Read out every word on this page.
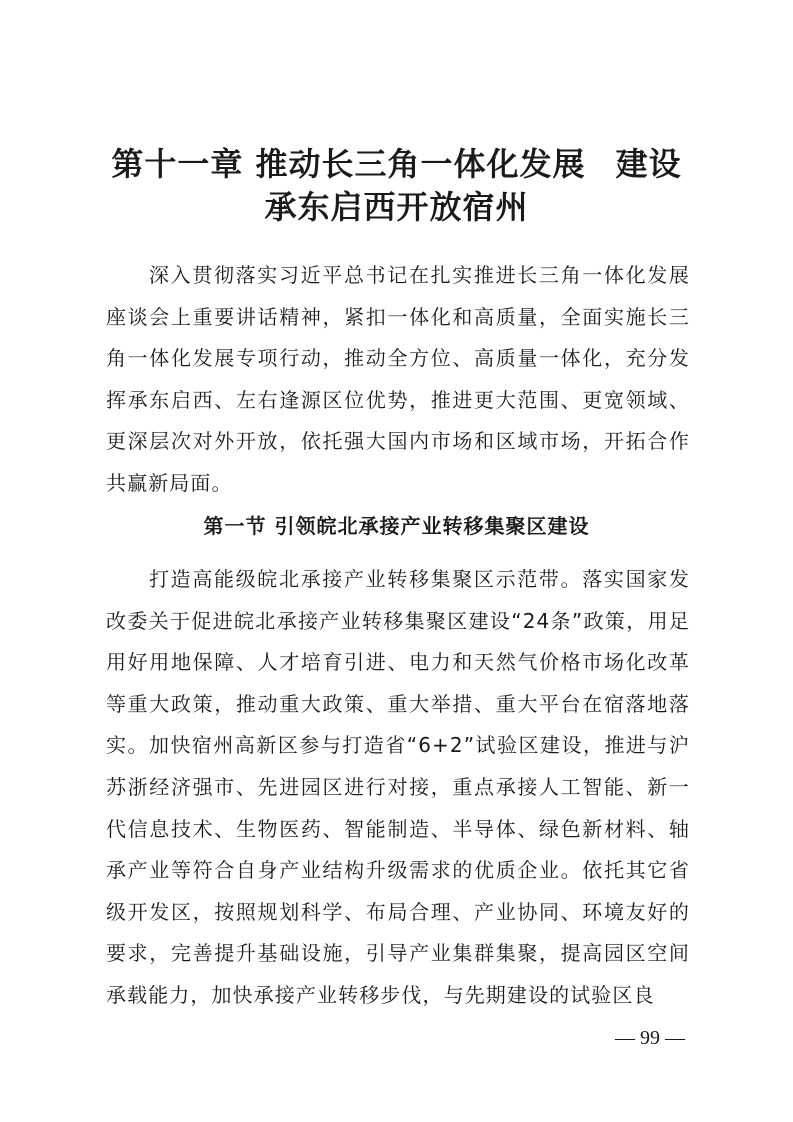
第十一章 推动长三角一体化发展 建设
承东启西开放宿州

深入贯彻落实习近平总书记在扎实推进长三角一体化发展座谈会上重要讲话精神，紧扣一体化和高质量，全面实施长三角一体化发展专项行动，推动全方位、高质量一体化，充分发挥承东启西、左右逢源区位优势，推进更大范围、更宽领域、更深层次对外开放，依托强大国内市场和区域市场，开拓合作共赢新局面。

第一节 引领皖北承接产业转移集聚区建设

打造高能级皖北承接产业转移集聚区示范带。落实国家发改委关于促进皖北承接产业转移集聚区建设“24条”政策，用足用好用地保障、人才培育引进、电力和天然气价格市场化改革等重大政策，推动重大政策、重大举措、重大平台在宿落地落实。加快宿州高新区参与打造省“6+2”试验区建设，推进与沪苏浙经济强市、先进园区进行对接，重点承接人工智能、新一代信息技术、生物医药、智能制造、半导体、绿色新材料、轴承产业等符合自身产业结构升级需求的优质企业。依托其它省级开发区，按照规划科学、布局合理、产业协同、环境友好的要求，完善提升基础设施，引导产业集群集聚，提高园区空间承载能力，加快承接产业转移步伐，与先期建设的试验区良

— 99 —
